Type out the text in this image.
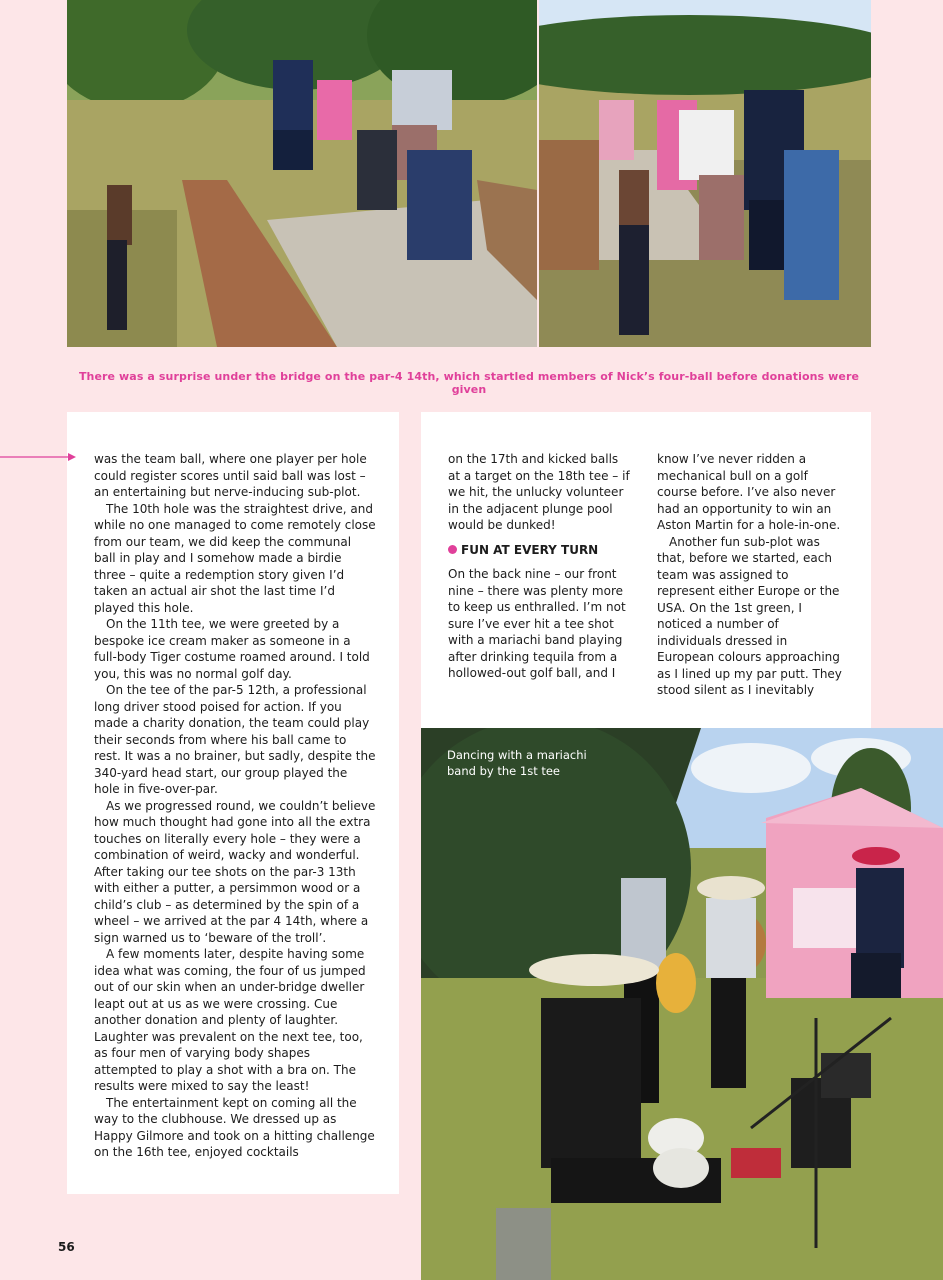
There was a surprise under the bridge on the par-4 14th, which startled members of Nick’s four-ball before donations were given

was the team ball, where one player per hole could register scores until said ball was lost – an entertaining but nerve-inducing sub-plot.

The 10th hole was the straightest drive, and while no one managed to come remotely close from our team, we did keep the communal ball in play and I somehow made a birdie three – quite a redemption story given I’d taken an actual air shot the last time I’d played this hole.

On the 11th tee, we were greeted by a bespoke ice cream maker as someone in a full-body Tiger costume roamed around. I told you, this was no normal golf day.

On the tee of the par-5 12th, a professional long driver stood poised for action. If you made a charity donation, the team could play their seconds from where his ball came to rest. It was a no brainer, but sadly, despite the 340-yard head start, our group played the hole in five-over-par.

As we progressed round, we couldn’t believe how much thought had gone into all the extra touches on literally every hole – they were a combination of weird, wacky and wonderful. After taking our tee shots on the par-3 13th with either a putter, a persimmon wood or a child’s club – as determined by the spin of a wheel – we arrived at the par 4 14th, where a sign warned us to ‘beware of the troll’.

A few moments later, despite having some idea what was coming, the four of us jumped out of our skin when an under-bridge dweller leapt out at us as we were crossing. Cue another donation and plenty of laughter. Laughter was prevalent on the next tee, too, as four men of varying body shapes attempted to play a shot with a bra on. The results were mixed to say the least!

The entertainment kept on coming all the way to the clubhouse. We dressed up as Happy Gilmore and took on a hitting challenge on the 16th tee, enjoyed cocktails

on the 17th and kicked balls at a target on the 18th tee – if we hit, the unlucky volunteer in the adjacent plunge pool would be dunked!

FUN AT EVERY TURN

On the back nine – our front nine – there was plenty more to keep us enthralled. I’m not sure I’ve ever hit a tee shot with a mariachi band playing after drinking tequila from a hollowed-out golf ball, and I

know I’ve never ridden a mechanical bull on a golf course before. I’ve also never had an opportunity to win an Aston Martin for a hole-in-one.

Another fun sub-plot was that, before we started, each team was assigned to represent either Europe or the USA. On the 1st green, I noticed a number of individuals dressed in European colours approaching as I lined up my par putt. They stood silent as I inevitably

Dancing with a mariachi band by the 1st tee
56
